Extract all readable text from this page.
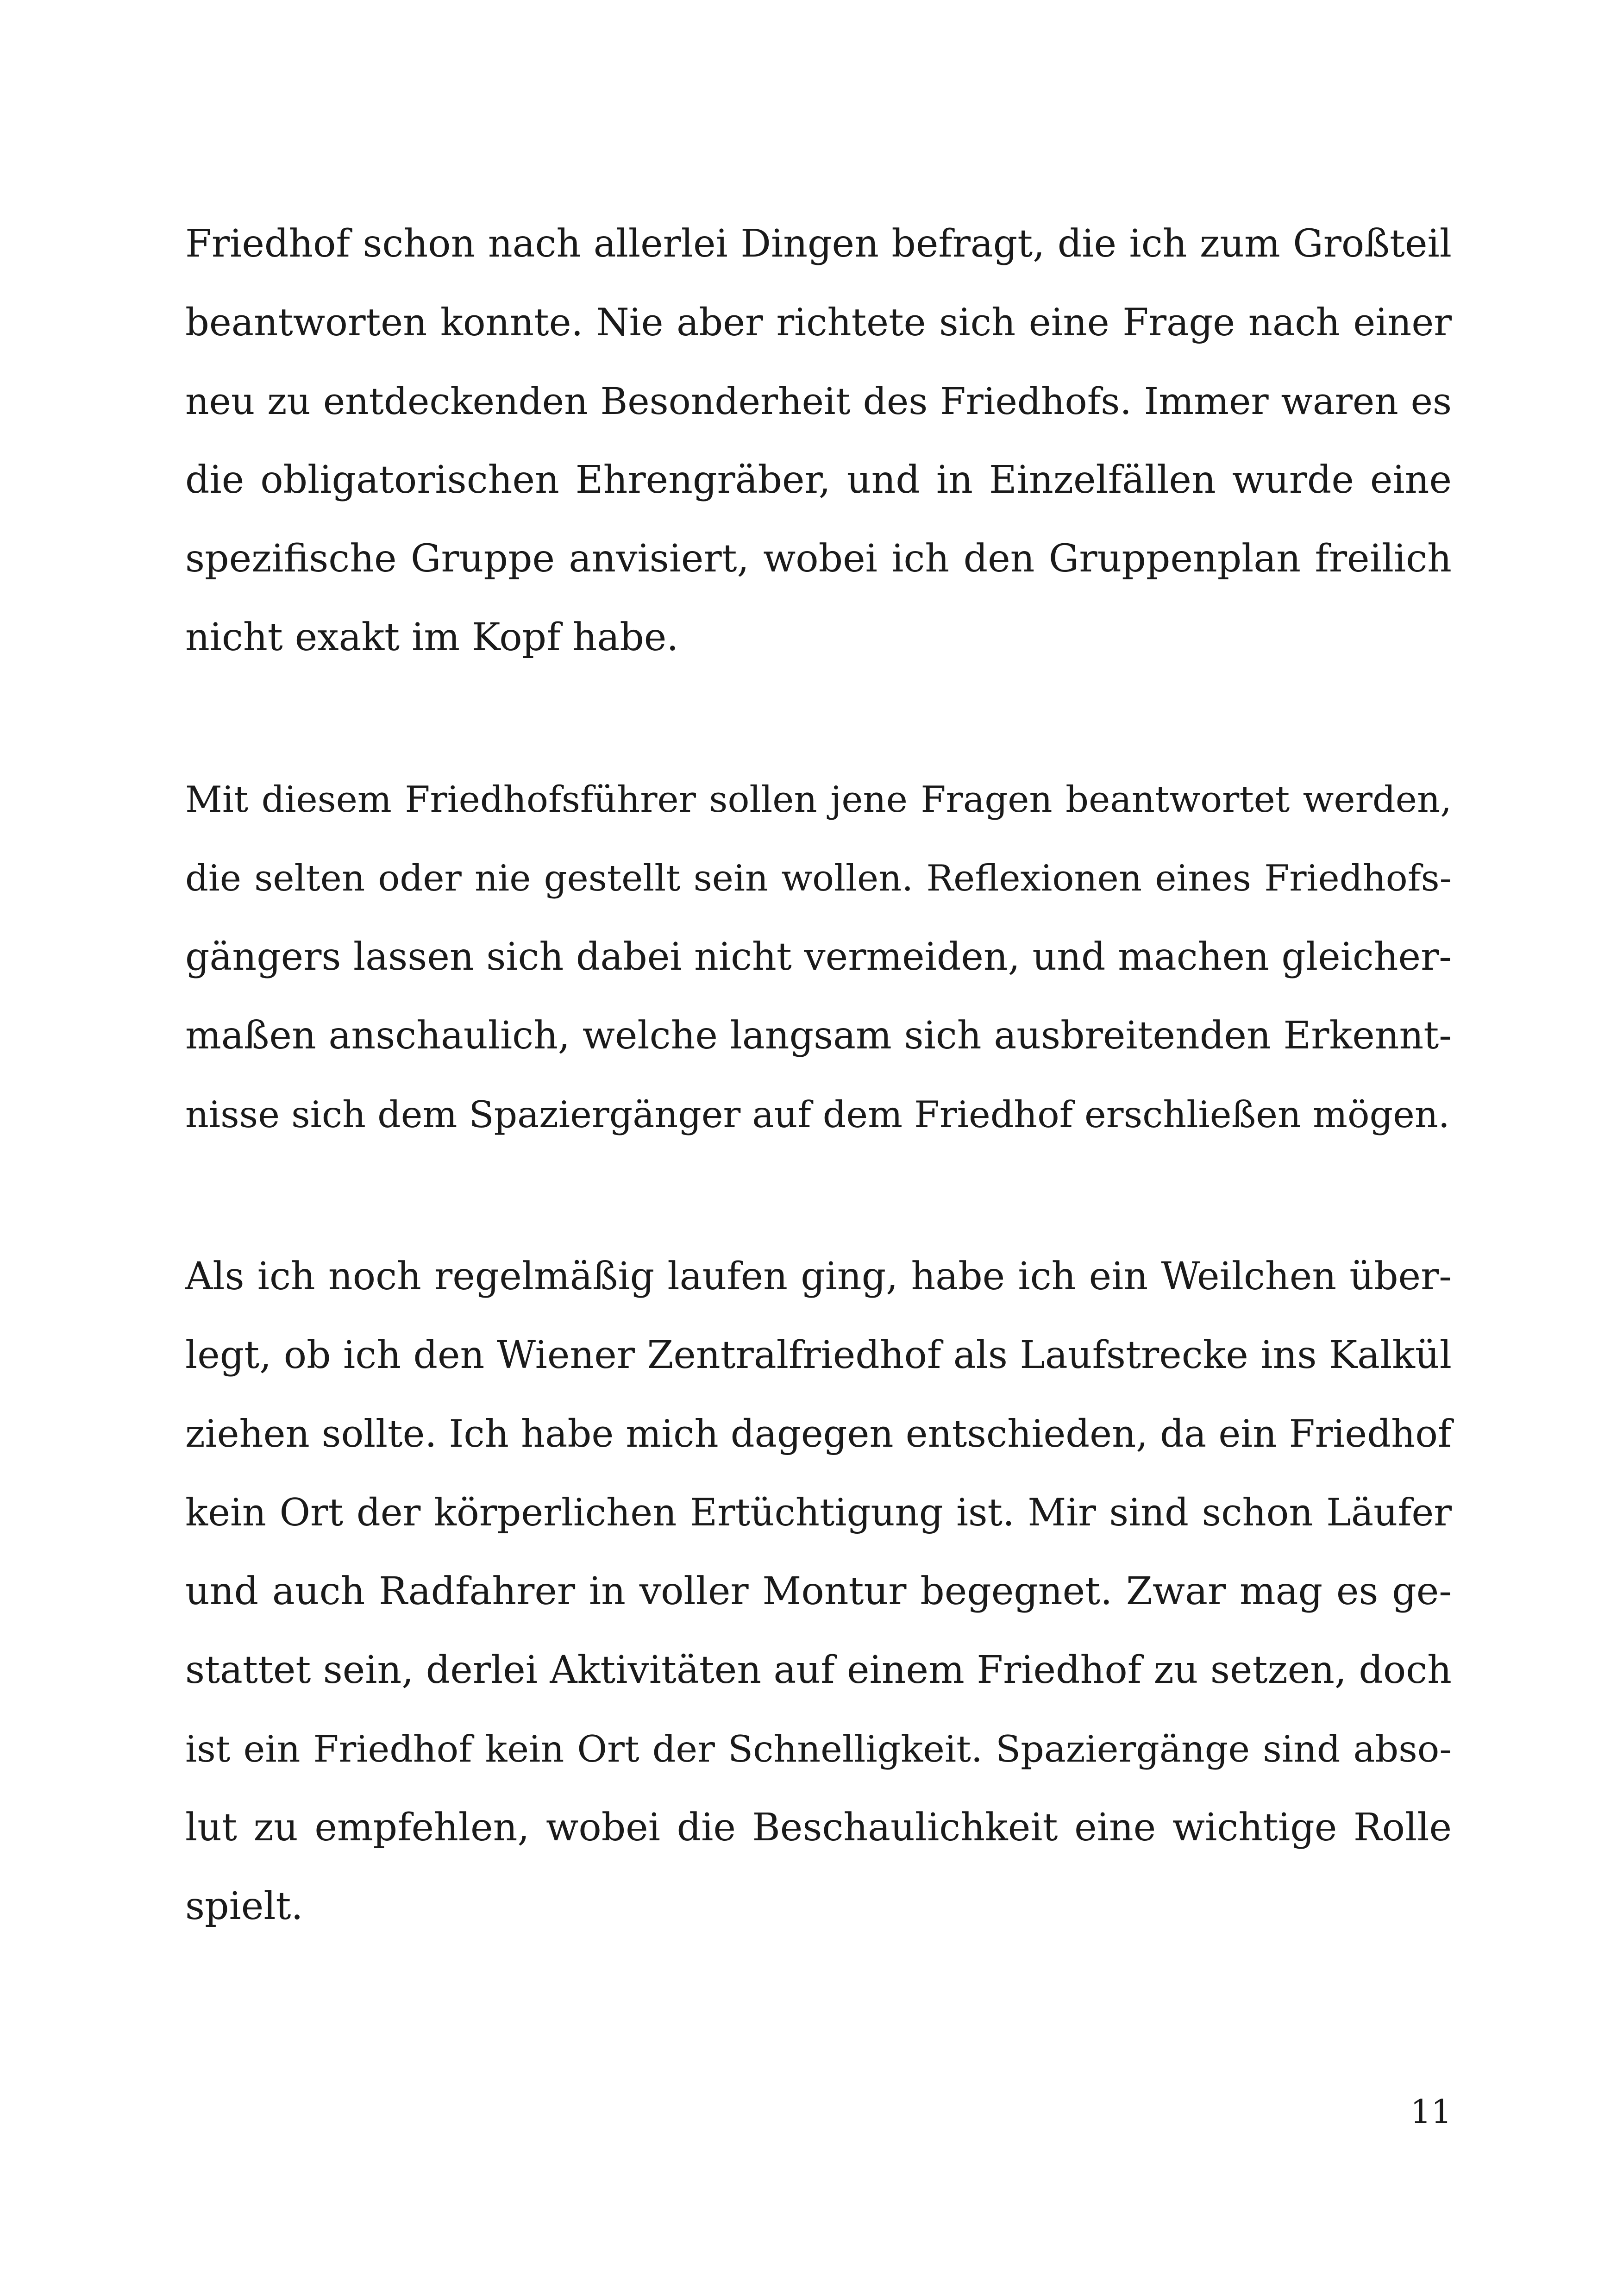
Friedhof schon nach allerlei Dingen befragt, die ich zum Großteil
beantworten konnte. Nie aber richtete sich eine Frage nach einer
neu zu entdeckenden Besonderheit des Friedhofs. Immer waren es
die obligatorischen Ehrengräber, und in Einzelfällen wurde eine
spezifische Gruppe anvisiert, wobei ich den Gruppenplan freilich
nicht exakt im Kopf habe.
Mit diesem Friedhofsführer sollen jene Fragen beantwortet werden,
die selten oder nie gestellt sein wollen. Reflexionen eines Friedhofs-
gängers lassen sich dabei nicht vermeiden, und machen gleicher-
maßen anschaulich, welche langsam sich ausbreitenden Erkennt-
nisse sich dem Spaziergänger auf dem Friedhof erschließen mögen.
Als ich noch regelmäßig laufen ging, habe ich ein Weilchen über-
legt, ob ich den Wiener Zentralfriedhof als Laufstrecke ins Kalkül
ziehen sollte. Ich habe mich dagegen entschieden, da ein Friedhof
kein Ort der körperlichen Ertüchtigung ist. Mir sind schon Läufer
und auch Radfahrer in voller Montur begegnet. Zwar mag es ge-
stattet sein, derlei Aktivitäten auf einem Friedhof zu setzen, doch
ist ein Friedhof kein Ort der Schnelligkeit. Spaziergänge sind abso-
lut zu empfehlen, wobei die Beschaulichkeit eine wichtige Rolle
spielt.
11
